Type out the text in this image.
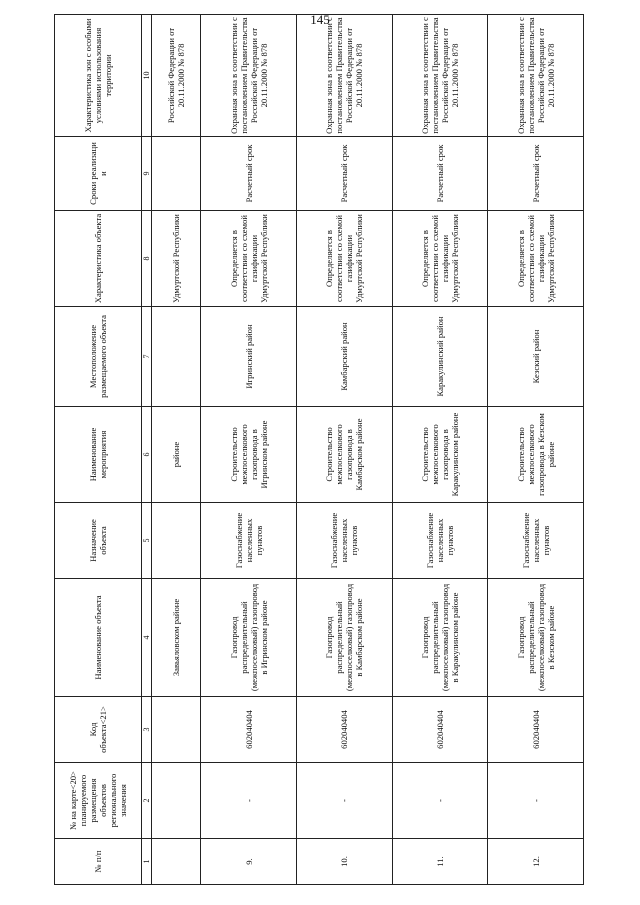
145
№ п/п	№ на карте<20> планируемого размещения объектов регионального значения	Код объекта<21>	Наименование объекта	Назначение объекта	Наименование мероприятия	Местоположение размещаемого объекта	Характеристика объекта	Сроки реализаци и	Характеристика зон с особыми условиями использования территории
1	2	3	4	5	6	7	8	9	10
			Завьяловском районе		районе		Удмуртской Республики		Российской Федерации от 20.11.2000 № 878
9.	-	602040404	Газопровод распределительный (межпоселковый) газопровод в Игринском районе	Газоснабжение населенных пунктов	Строительство межпоселкового газопровода в Игринском районе	Игринский район	Определяется в соответствии со схемой газификации Удмуртской Республики	Расчетный срок	Охранная зона в соответствии с постановлением Правительства Российской Федерации от 20.11.2000 № 878
10.	-	602040404	Газопровод распределительный (межпоселковый) газопровод в Камбарском районе	Газоснабжение населенных пунктов	Строительство межпоселкового газопровода в Камбарском районе	Камбарский район	Определяется в соответствии со схемой газификации Удмуртской Республики	Расчетный срок	Охранная зона в соответствии с постановлением Правительства Российской Федерации от 20.11.2000 № 878
11.	-	602040404	Газопровод распределительный (межпоселковый) газопровод в Каракулинском районе	Газоснабжение населенных пунктов	Строительство межпоселкового газопровода в Каракулинском районе	Каракулинский район	Определяется в соответствии со схемой газификации Удмуртской Республики	Расчетный срок	Охранная зона в соответствии с постановлением Правительства Российской Федерации от 20.11.2000 № 878
12.	-	602040404	Газопровод распределительный (межпоселковый) газопровод в Кезском районе	Газоснабжение населенных пунктов	Строительство межпоселкового газопровода в Кезском районе	Кезский район	Определяется в соответствии со схемой газификации Удмуртской Республики	Расчетный срок	Охранная зона в соответствии с постановлением Правительства Российской Федерации от 20.11.2000 № 878
